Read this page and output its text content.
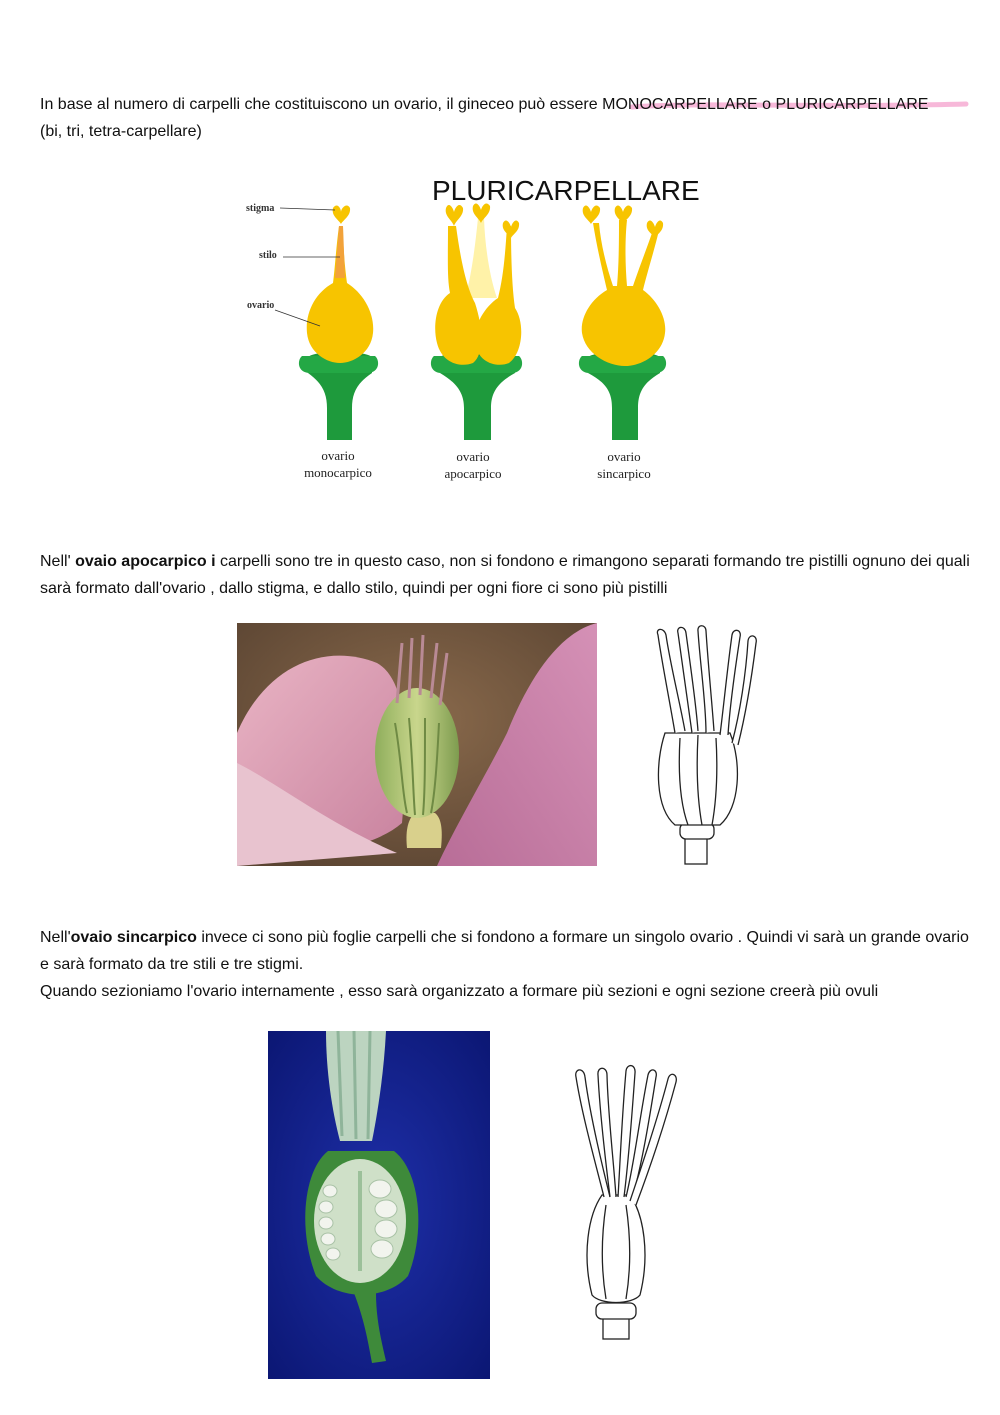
In base al numero di carpelli che costituiscono un ovario, il gineceo può essere MONOCARPELLARE o PLURICARPELLARE
(bi, tri, tetra-carpellare)
PLURICARPELLARE
stigma
stilo
ovario
ovario
monocarpico
ovario
apocarpico
ovario
sincarpico
Nell' ovaio apocarpico i carpelli sono tre in questo caso, non si fondono e rimangono separati formando tre pistilli ognuno dei quali sarà formato dall'ovario , dallo stigma, e dallo stilo, quindi per ogni fiore ci sono più pistilli
Nell'ovaio sincarpico invece ci sono più foglie carpelli che si fondono a formare un singolo ovario . Quindi vi sarà un grande ovario e sarà formato da tre stili e tre stigmi.
Quando sezioniamo l'ovario internamente , esso sarà organizzato a formare più sezioni e ogni sezione creerà più ovuli
